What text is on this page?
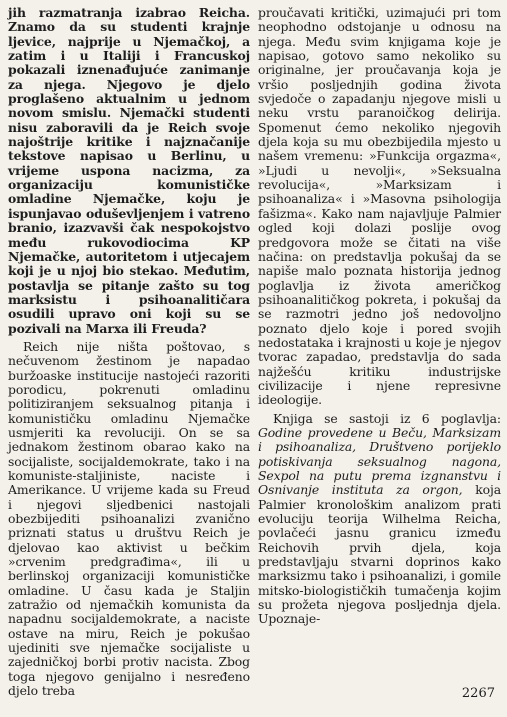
jih razmatranja izabrao Reicha. Znamo da su studenti krajnje ljevice, najprije u Njemačkoj, a zatim i u Italiji i Francuskoj pokazali iznenađujuće zanimanje za njega. Njegovo je djelo proglašeno aktualnim u jednom novom smislu. Njemački studenti nisu zaboravili da je Reich svoje najoštrije kritike i najznačanije tekstove napisao u Berlinu, u vrijeme uspona nacizma, za organizaciju komunističke omladine Njemačke, koju je ispunjavao oduševljenjem i vatreno branio, izazvavši čak nespokojstvo među rukovodiocima KP Njemačke, autoritetom i utjecajem koji je u njoj bio stekao. Međutim, postavlja se pitanje zašto su tog marksistu i psihoanalitičara osudili upravo oni koji su se pozivali na Marxa ili Freuda?

Reich nije ništa poštovao, s nečuvenom žestinom je napadao buržoaske institucije nastojeći razoriti porodicu, pokrenuti omladinu politiziranjem seksualnog pitanja i komunističku omladinu Njemačke usmjeriti ka revoluciji. On se sa jednakom žestinom obarao kako na socijaliste, socijaldemokrate, tako i na komuniste-staljiniste, naciste i Amerikance. U vrijeme kada su Freud i njegovi sljedbenici nastojali obezbijediti psihoanalizi zvanično priznati status u društvu Reich je djelovao kao aktivist u bečkim »crvenim predgrađima«, ili u berlinskoj organizaciji komunističke omladine. U času kada je Staljin zatražio od njemačkih komunista da napadnu socijaldemokrate, a naciste ostave na miru, Reich je pokušao ujediniti sve njemačke socijaliste u zajedničkoj borbi protiv nacista. Zbog toga njegovo genijalno i nesređeno djelo treba

proučavati kritički, uzimajući pri tom neophodno odstojanje u odnosu na njega. Među svim knjigama koje je napisao, gotovo samo nekoliko su originalne, jer proučavanja koja je vršio posljednjih godina života svjedoče o zapadanju njegove misli u neku vrstu paranoičkog delirija. Spomenut ćemo nekoliko njegovih djela koja su mu obezbijedila mjesto u našem vremenu: »Funkcija orgazma«, »Ljudi u nevolji«, »Seksualna revolucija«, »Marksizam i psihoanaliza« i »Masovna psihologija fašizma«. Kako nam najavljuje Palmier ogled koji dolazi poslije ovog predgovora može se čitati na više načina: on predstavlja pokušaj da se napiše malo poznata historija jednog poglavlja iz života američkog psihoanalitičkog pokreta, i pokušaj da se razmotri jedno još nedovoljno poznato djelo koje i pored svojih nedostataka i krajnosti u koje je njegov tvorac zapadao, predstavlja do sada najžešću kritiku industrijske civilizacije i njene represivne ideologije.

Knjiga se sastoji iz 6 poglavlja: Godine provedene u Beču, Marksizam i psihoanaliza, Društveno porijeklo potiskivanja seksualnog nagona, Sexpol na putu prema izgnanstvu i Osnivanje instituta za orgon, koja Palmier kronološkim analizom prati evoluciju teorija Wilhelma Reicha, povlačeći jasnu granicu između Reichovih prvih djela, koja predstavljaju stvarni doprinos kako marksizmu tako i psihoanalizi, i gomile mitsko-biologističkih tumačenja kojim su prožeta njegova posljednja djela. Upoznaje-

2267
